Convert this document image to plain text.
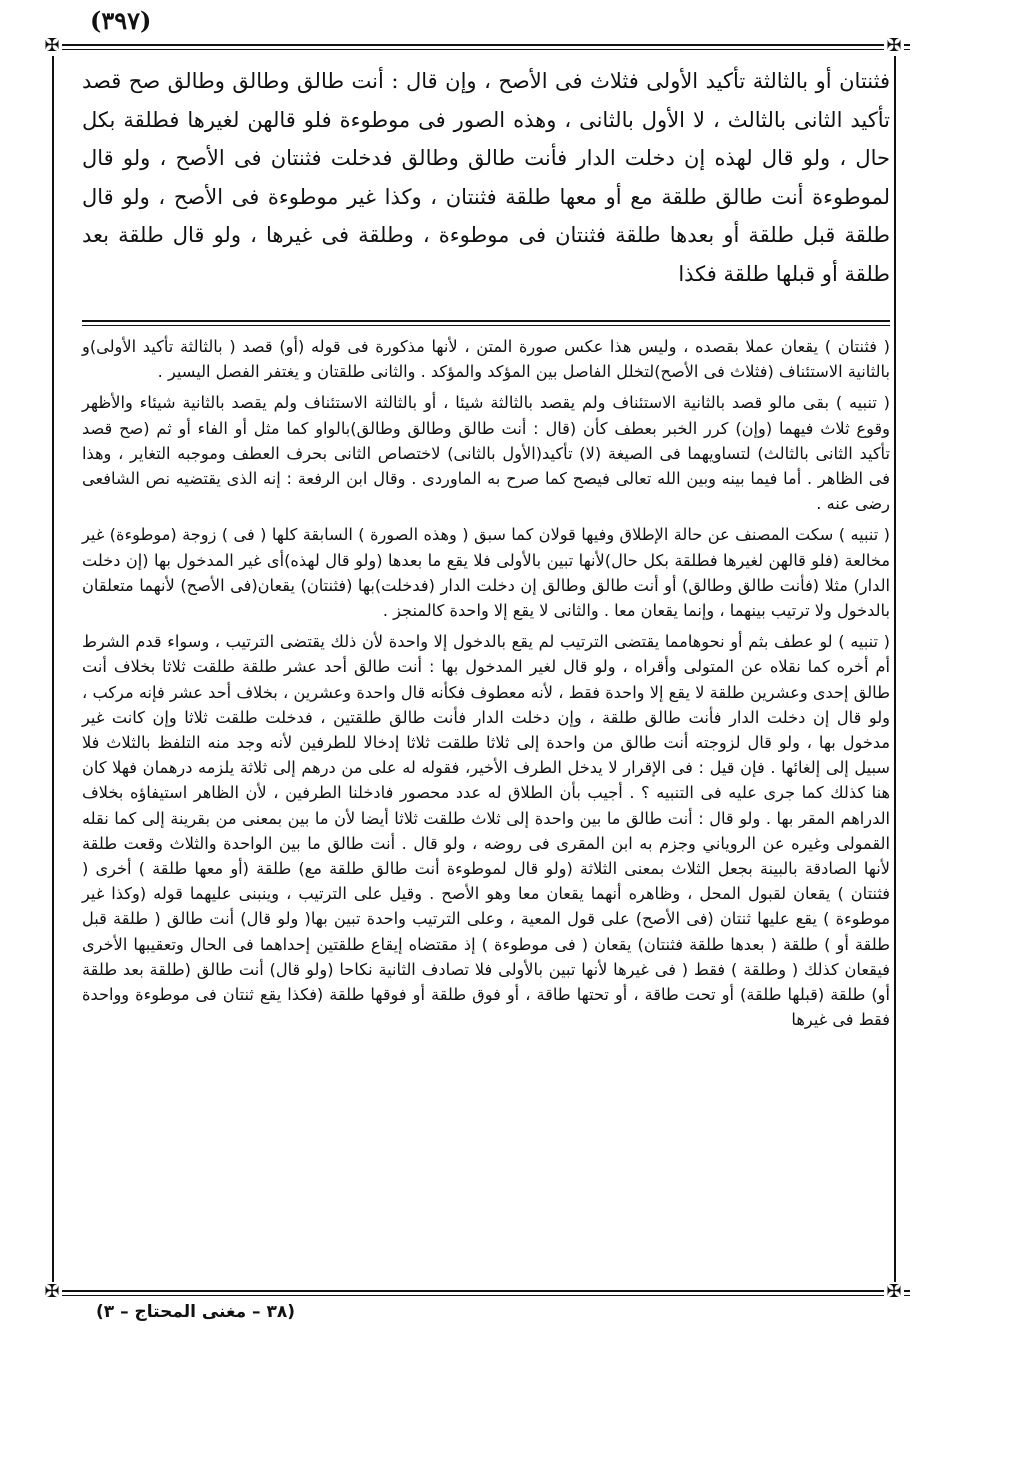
(٣٩٧)
✠
✠
✠
✠

فثنتان أو بالثالثة تأكيد الأولى فثلاث فى الأصح ، وإن قال : أنت طالق وطالق وطالق صح قصد تأكيد الثانى بالثالث ، لا الأول بالثانى ، وهذه الصور فى موطوءة فلو قالهن لغيرها فطلقة بكل حال ، ولو قال لهذه إن دخلت الدار فأنت طالق وطالق فدخلت فثنتان فى الأصح ، ولو قال لموطوءة أنت طالق طلقة مع أو معها طلقة فثنتان ، وكذا غير موطوءة فى الأصح ، ولو قال طلقة قبل طلقة أو بعدها طلقة فثنتان فى موطوءة ، وطلقة فى غيرها ، ولو قال طلقة بعد طلقة أو قبلها طلقة فكذا

( فثنتان ) يقعان عملا بقصده ، وليس هذا عكس صورة المتن ، لأنها مذكورة فى قوله (أو) قصد ( بالثالثة تأكيد الأولى)و بالثانية الاستئناف (فثلاث فى الأصح)لتخلل الفاصل بين المؤكد والمؤكد . والثانى طلقتان و يغتفر الفصل اليسير .

( تنبيه ) بقى مالو قصد بالثانية الاستئناف ولم يقصد بالثالثة شيئا ، أو بالثالثة الاستئناف ولم يقصد بالثانية شيئاء والأظهر وقوع ثلاث فيهما (وإن) كرر الخبر بعطف كأن (قال : أنت طالق وطالق وطالق)بالواو كما مثل أو الفاء أو ثم (صح قصد تأكيد الثانى بالثالث) لتساويهما فى الصيغة (لا) تأكيد(الأول بالثانى) لاختصاص الثانى بحرف العطف وموجبه التغاير ، وهذا فى الظاهر . أما فيما بينه وبين الله تعالى فيصح كما صرح به الماوردى . وقال ابن الرفعة : إنه الذى يقتضيه نص الشافعى رضى عنه .

( تنبيه ) سكت المصنف عن حالة الإطلاق وفيها قولان كما سبق ( وهذه الصورة ) السابقة كلها ( فى ) زوجة (موطوءة) غير مخالعة (فلو قالهن لغيرها فطلقة بكل حال)لأنها تبين بالأولى فلا يقع ما بعدها (ولو قال لهذه)أى غير المدخول بها (إن دخلت الدار) مثلا (فأنت طالق وطالق) أو أنت طالق وطالق إن دخلت الدار (فدخلت)بها (فثنتان) يقعان(فى الأصح) لأنهما متعلقان بالدخول ولا ترتيب بينهما ، وإنما يقعان معا . والثانى لا يقع إلا واحدة كالمنجز .

( تنبيه ) لو عطف بثم أو نحوهامما يقتضى الترتيب لم يقع بالدخول إلا واحدة لأن ذلك يقتضى الترتيب ، وسواء قدم الشرط أم أخره كما نقلاه عن المتولى وأقراه ، ولو قال لغير المدخول بها : أنت طالق أحد عشر طلقة طلقت ثلاثا بخلاف أنت طالق إحدى وعشرين طلقة لا يقع إلا واحدة فقط ، لأنه معطوف فكأنه قال واحدة وعشرين ، بخلاف أحد عشر فإنه مركب ، ولو قال إن دخلت الدار فأنت طالق طلقة ، وإن دخلت الدار فأنت طالق طلقتين ، فدخلت طلقت ثلاثا وإن كانت غير مدخول بها ، ولو قال لزوجته أنت طالق من واحدة إلى ثلاثا طلقت ثلاثا إدخالا للطرفين لأنه وجد منه التلفظ بالثلاث فلا سبيل إلى إلغائها . فإن قيل : فى الإقرار لا يدخل الطرف الأخير، فقوله له على من درهم إلى ثلاثة يلزمه درهمان فهلا كان هنا كذلك كما جرى عليه فى التنبيه ؟ . أجيب بأن الطلاق له عدد محصور فادخلنا الطرفين ، لأن الظاهر استيفاؤه بخلاف الدراهم المقر بها . ولو قال : أنت طالق ما بين واحدة إلى ثلاث طلقت ثلاثا أيضا لأن ما بين بمعنى من بقرينة إلى كما نقله القمولى وغيره عن الروياني وجزم به ابن المقرى فى روضه ، ولو قال . أنت طالق ما بين الواحدة والثلاث وقعت طلقة لأنها الصادقة بالبينة بجعل الثلاث بمعنى الثلاثة (ولو قال لموطوءة أنت طالق طلقة مع) طلقة (أو معها طلقة ) أخرى ( فثنتان ) يقعان لقبول المحل ، وظاهره أنهما يقعان معا وهو الأصح . وقيل على الترتيب ، وينبنى عليهما قوله (وكذا غير موطوءة ) يقع عليها ثنتان (فى الأصح) على قول المعية ، وعلى الترتيب واحدة تبين بها( ولو قال) أنت طالق ( طلقة قبل طلقة أو ) طلقة ( بعدها طلقة فثنتان) يقعان ( فى موطوءة ) إذ مقتضاه إيقاع طلقتين إحداهما فى الحال وتعقيبها الأخرى فيقعان كذلك ( وطلقة ) فقط ( فى غيرها لأنها تبين بالأولى فلا تصادف الثانية نكاحا (ولو قال) أنت طالق (طلقة بعد طلقة أو) طلقة (قبلها طلقة) أو تحت طاقة ، أو تحتها طاقة ، أو فوق طلقة أو فوقها طلقة (فكذا يقع ثنتان فى موطوءة وواحدة فقط فى غيرها

(٣٨ – مغنى المحتاج – ٣)
